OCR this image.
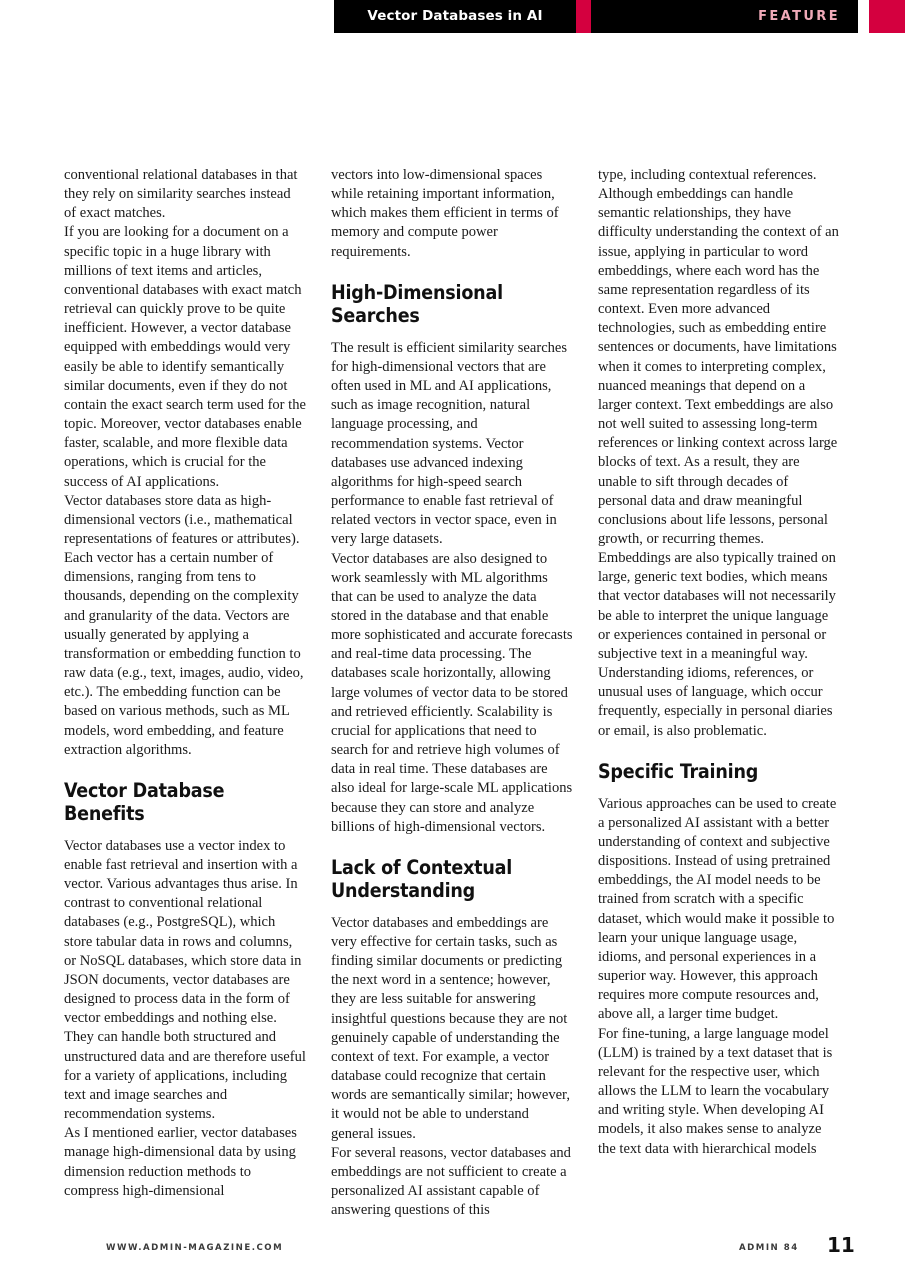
Vector Databases in AI	FEATURE

conventional relational databases in that they rely on similarity searches instead of exact matches.

If you are looking for a document on a specific topic in a huge library with millions of text items and articles, conventional databases with exact match retrieval can quickly prove to be quite inefficient. However, a vector database equipped with embeddings would very easily be able to identify semantically similar documents, even if they do not contain the exact search term used for the topic. Moreover, vector databases enable faster, scalable, and more flexible data operations, which is crucial for the success of AI applications.

Vector databases store data as high-dimensional vectors (i.e., mathematical representations of features or attributes). Each vector has a certain number of dimensions, ranging from tens to thousands, depending on the complexity and granularity of the data. Vectors are usually generated by applying a transformation or embedding function to raw data (e.g., text, images, audio, video, etc.). The embedding function can be based on various methods, such as ML models, word embedding, and feature extraction algorithms.

Vector Database Benefits

Vector databases use a vector index to enable fast retrieval and insertion with a vector. Various advantages thus arise. In contrast to conventional relational databases (e.g., PostgreSQL), which store tabular data in rows and columns, or NoSQL databases, which store data in JSON documents, vector databases are designed to process data in the form of vector embeddings and nothing else. They can handle both structured and unstructured data and are therefore useful for a variety of applications, including text and image searches and recommendation systems.

As I mentioned earlier, vector databases manage high-dimensional data by using dimension reduction methods to compress high-dimensional

vectors into low-dimensional spaces while retaining important information, which makes them efficient in terms of memory and compute power requirements.

High-Dimensional Searches

The result is efficient similarity searches for high-dimensional vectors that are often used in ML and AI applications, such as image recognition, natural language processing, and recommendation systems. Vector databases use advanced indexing algorithms for high-speed search performance to enable fast retrieval of related vectors in vector space, even in very large datasets.

Vector databases are also designed to work seamlessly with ML algorithms that can be used to analyze the data stored in the database and that enable more sophisticated and accurate forecasts and real-time data processing. The databases scale horizontally, allowing large volumes of vector data to be stored and retrieved efficiently. Scalability is crucial for applications that need to search for and retrieve high volumes of data in real time. These databases are also ideal for large-scale ML applications because they can store and analyze billions of high-dimensional vectors.

Lack of Contextual Understanding

Vector databases and embeddings are very effective for certain tasks, such as finding similar documents or predicting the next word in a sentence; however, they are less suitable for answering insightful questions because they are not genuinely capable of understanding the context of text. For example, a vector database could recognize that certain words are semantically similar; however, it would not be able to understand general issues.

For several reasons, vector databases and embeddings are not sufficient to create a personalized AI assistant capable of answering questions of this

type, including contextual references. Although embeddings can handle semantic relationships, they have difficulty understanding the context of an issue, applying in particular to word embeddings, where each word has the same representation regardless of its context. Even more advanced technologies, such as embedding entire sentences or documents, have limitations when it comes to interpreting complex, nuanced meanings that depend on a larger context. Text embeddings are also not well suited to assessing long-term references or linking context across large blocks of text. As a result, they are unable to sift through decades of personal data and draw meaningful conclusions about life lessons, personal growth, or recurring themes. Embeddings are also typically trained on large, generic text bodies, which means that vector databases will not necessarily be able to interpret the unique language or experiences contained in personal or subjective text in a meaningful way. Understanding idioms, references, or unusual uses of language, which occur frequently, especially in personal diaries or email, is also problematic.

Specific Training

Various approaches can be used to create a personalized AI assistant with a better understanding of context and subjective dispositions. Instead of using pretrained embeddings, the AI model needs to be trained from scratch with a specific dataset, which would make it possible to learn your unique language usage, idioms, and personal experiences in a superior way. However, this approach requires more compute resources and, above all, a larger time budget.

For fine-tuning, a large language model (LLM) is trained by a text dataset that is relevant for the respective user, which allows the LLM to learn the vocabulary and writing style. When developing AI models, it also makes sense to analyze the text data with hierarchical models

WWW.ADMIN-MAGAZINE.COM	ADMIN 84 11
